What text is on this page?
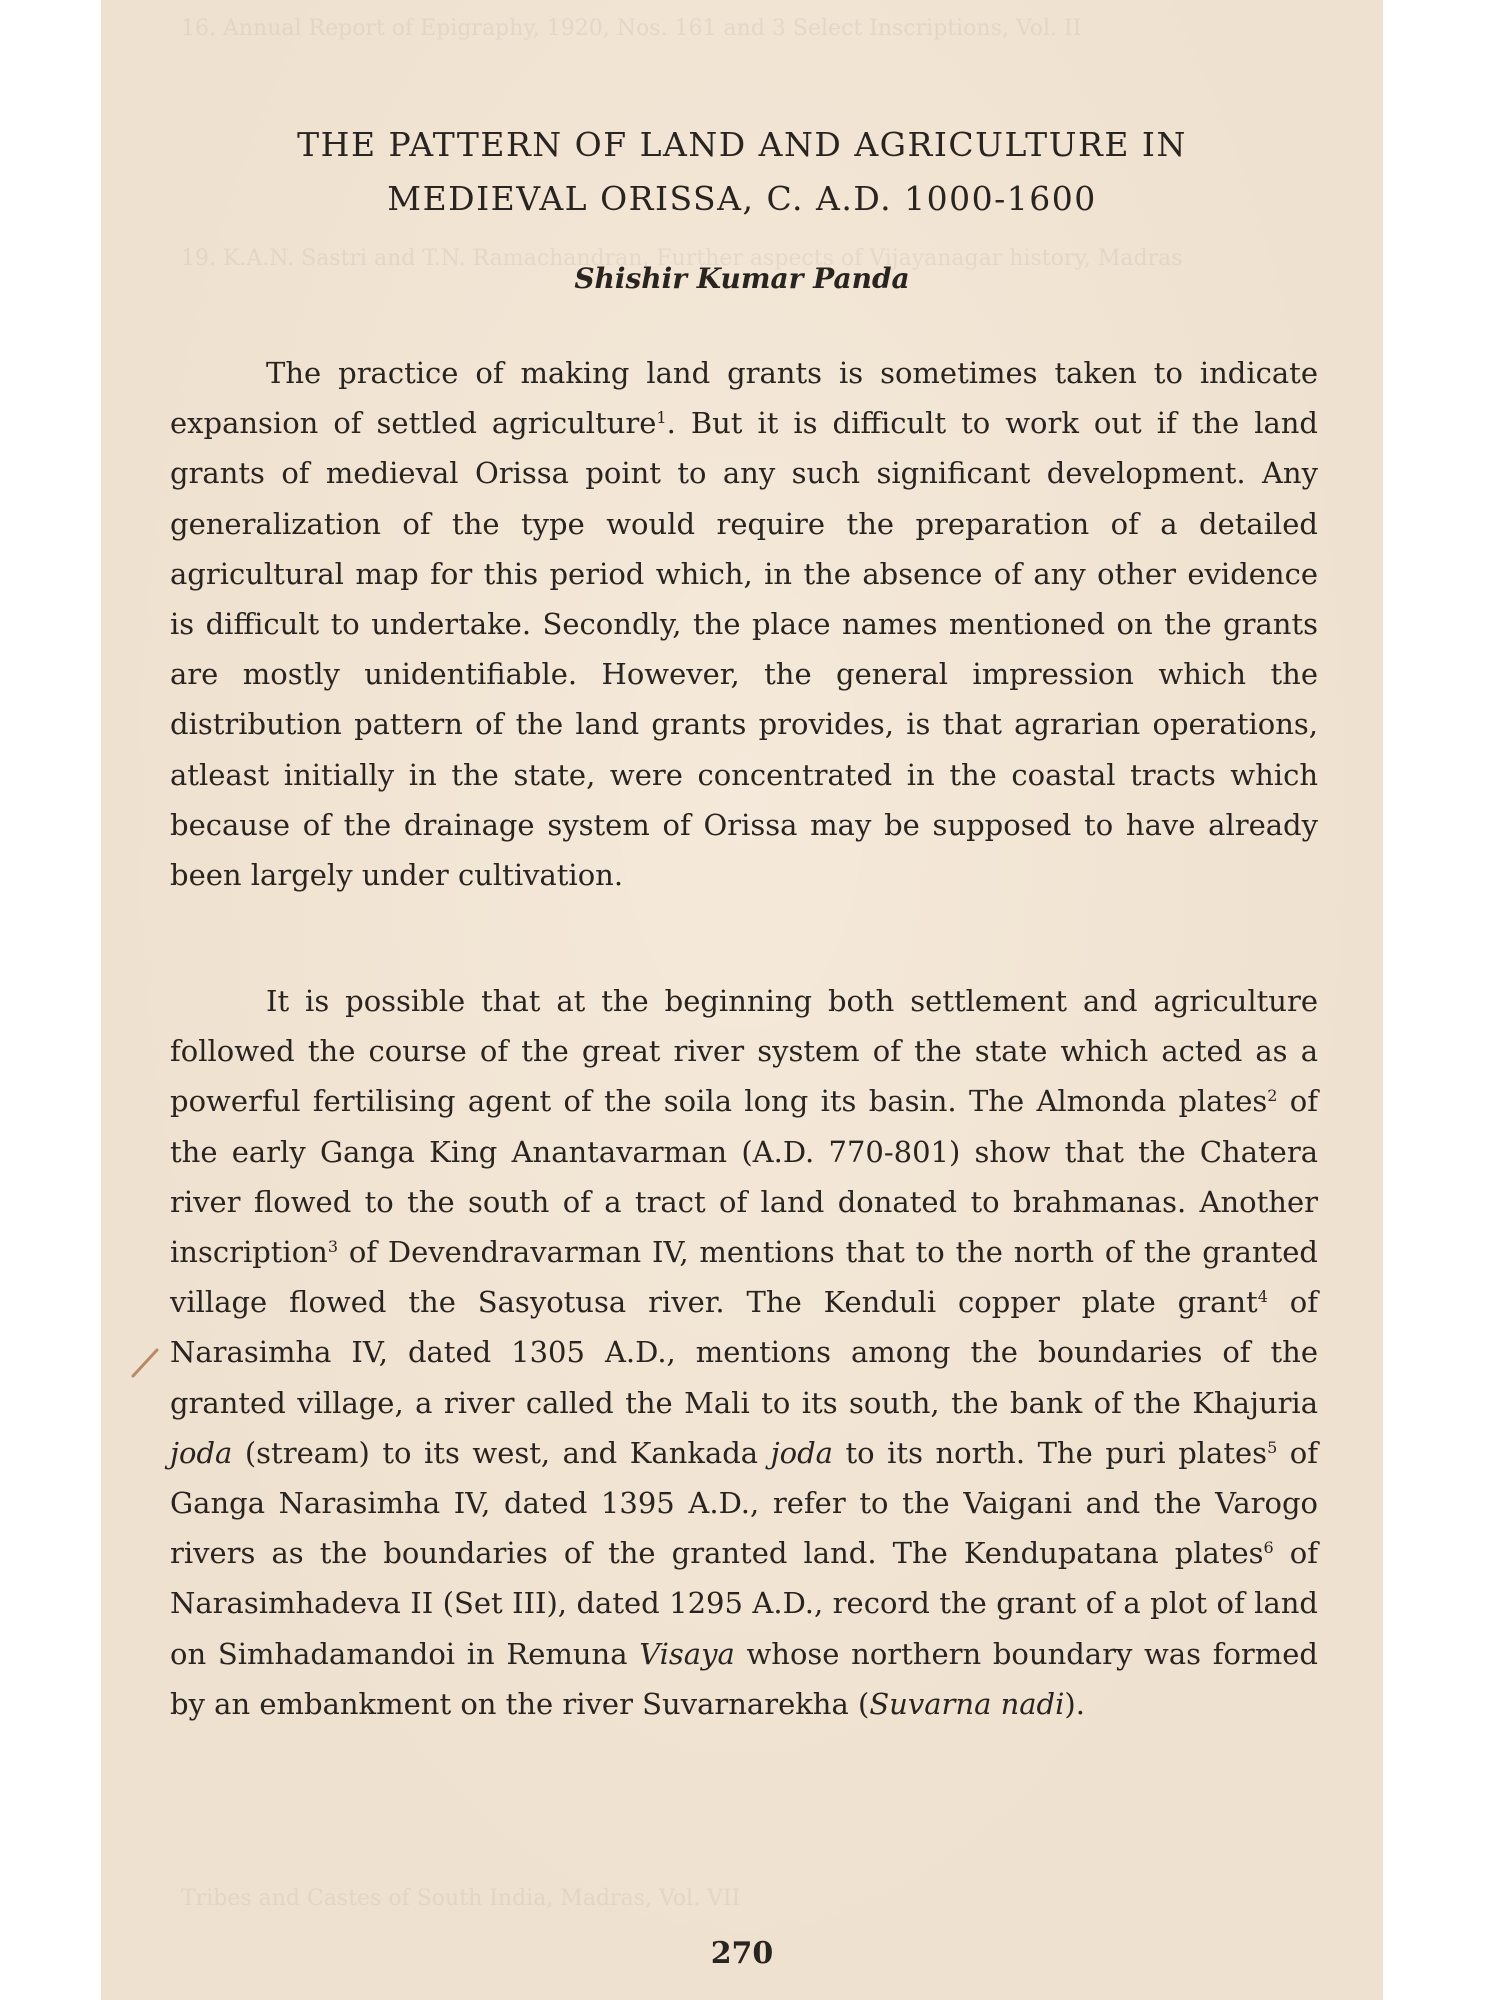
16. Annual Report of Epigraphy, 1920, Nos. 161 and 3 Select Inscriptions, Vol. II
19. K.A.N. Sastri and T.N. Ramachandran, Further aspects of Vijayanagar history, Madras
Tribes and Castes of South India, Madras, Vol. VII
THE PATTERN OF LAND AND AGRICULTURE IN
MEDIEVAL ORISSA, C. A.D. 1000-1600
Shishir Kumar Panda

The practice of making land grants is sometimes taken to indicate expansion of settled agriculture$^1$. But it is difficult to work out if the land grants of medieval Orissa point to any such significant development. Any generalization of the type would require the preparation of a detailed agricultural map for this period which, in the absence of any other evidence is difficult to undertake. Secondly, the place names mentioned on the grants are mostly unidentifiable. However, the general impression which the distribution pattern of the land grants provides, is that agrarian operations, atleast initially in the state, were concentrated in the coastal tracts which because of the drainage system of Orissa may be supposed to have already been largely under cultivation.

It is possible that at the beginning both settlement and agriculture followed the course of the great river system of the state which acted as a powerful fertilising agent of the soila long its basin. The Almonda plates$^2$ of the early Ganga King Anantavarman (A.D. 770-801) show that the Chatera river flowed to the south of a tract of land donated to brahmanas. Another inscription$^3$ of Devendravarman IV, mentions that to the north of the granted village flowed the Sasyotusa river. The Kenduli copper plate grant$^4$ of Narasimha IV, dated 1305 A.D., mentions among the boundaries of the granted village, a river called the Mali to its south, the bank of the Khajuria joda (stream) to its west, and Kankada joda to its north. The puri plates$^5$ of Ganga Narasimha IV, dated 1395 A.D., refer to the Vaigani and the Varogo rivers as the boundaries of the granted land. The Kendupatana plates$^6$ of Narasimhadeva II (Set III), dated 1295 A.D., record the grant of a plot of land on Simhadamandoi in Remuna Visaya whose northern boundary was formed by an embankment on the river Suvarnarekha (Suvarna nadi).

270
